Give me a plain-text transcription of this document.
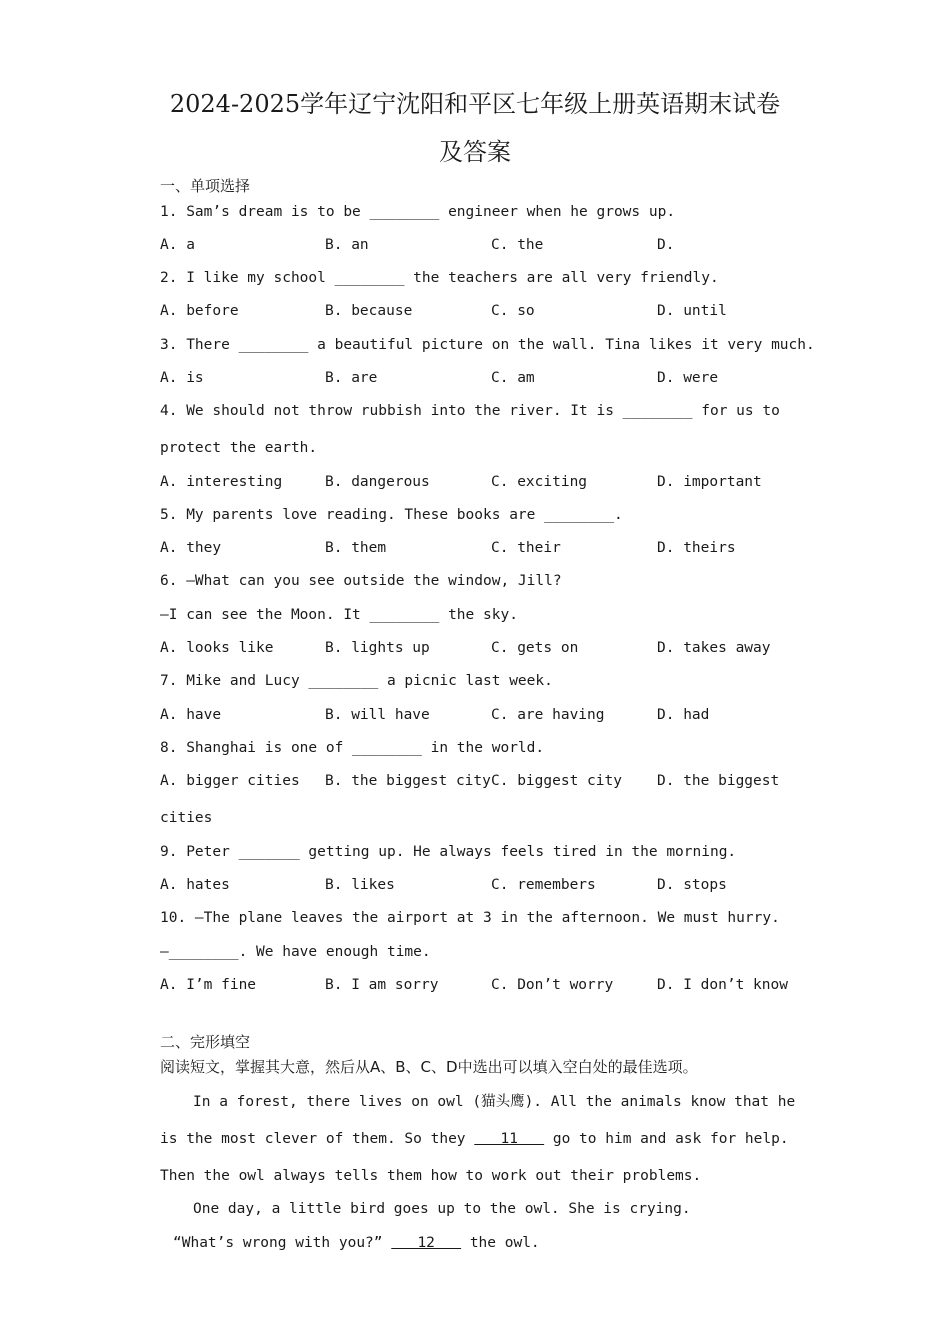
2024-2025学年辽宁沈阳和平区七年级上册英语期末试卷
及答案
一、单项选择
1. Sam’s dream is to be ________ engineer when he grows up.
A. a	B. an	C. the	D.
2. I like my school ________ the teachers are all very friendly.
A. before	B. because	C. so	D. until
3. There ________ a beautiful picture on the wall. Tina likes it very much.
A. is	B. are	C. am	D. were
4. We should not throw rubbish into the river. It is ________ for us to
protect the earth.
A. interesting	B. dangerous	C. exciting	D. important
5. My parents love reading. These books are ________.
A. they	B. them	C. their	D. theirs
6. —What can you see outside the window, Jill?
—I can see the Moon. It ________ the sky.
A. looks like	B. lights up	C. gets on	D. takes away
7. Mike and Lucy ________ a picnic last week.
A. have	B. will have	C. are having	D. had
8. Shanghai is one of ________ in the world.
A. bigger cities B. the biggest city C. biggest city D. the biggest
cities
9. Peter _______ getting up. He always feels tired in the morning.
A. hates	B. likes	C. remembers	D. stops
10. —The plane leaves the airport at 3 in the afternoon. We must hurry.
—________. We have enough time.
A. I’m fine	B. I am sorry	C. Don’t worry	D. I don’t know
二、完形填空
阅读短文，掌握其大意，然后从A、B、C、D中选出可以填入空白处的最佳选项。
In a forest, there lives on owl (猫头鹰). All the animals know that he
is the most clever of them. So they    11    go to him and ask for help.
Then the owl always tells them how to work out their problems.
One day, a little bird goes up to the owl. She is crying.
“What’s wrong with you?”    12    the owl.
